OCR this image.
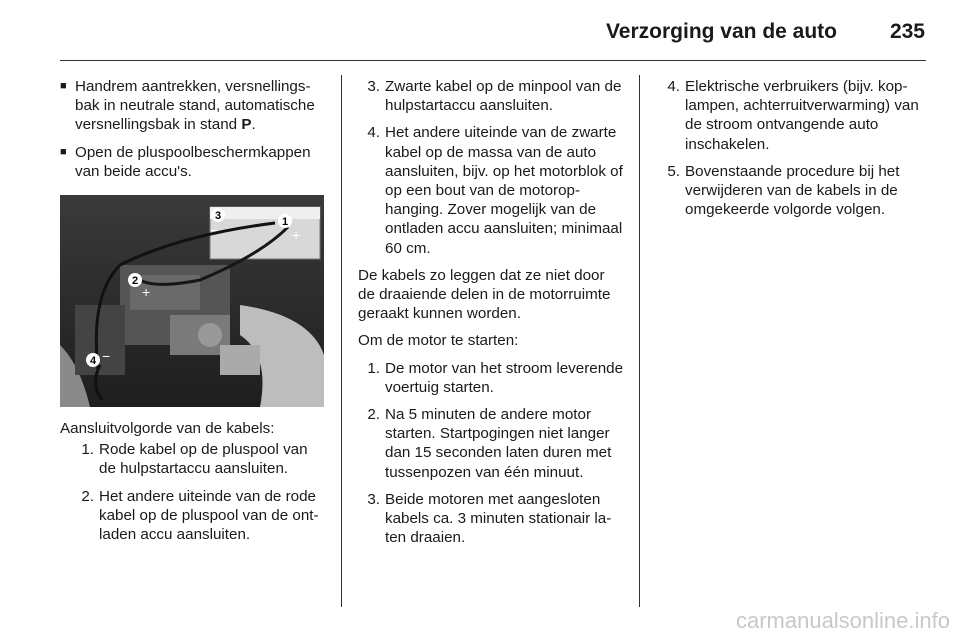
Verzorging van de auto	235
■ Handrem aantrekken, versnellingsbak in neutrale stand, automatische versnellingsbak in stand P.
■ Open de pluspoolbeschermkappen van beide accu's.
1
2
3
4
+
−
+
−
Aansluitvolgorde van de kabels:
1. Rode kabel op de pluspool van de hulpstartaccu aansluiten.
2. Het andere uiteinde van de rode kabel op de pluspool van de ontladen accu aansluiten.
3. Zwarte kabel op de minpool van de hulpstartaccu aansluiten.
4. Het andere uiteinde van de zwarte kabel op de massa van de auto aansluiten, bijv. op het motorblok of op een bout van de motorophanging. Zover mogelijk van de ontladen accu aansluiten; minimaal 60 cm.

De kabels zo leggen dat ze niet door de draaiende delen in de motorruimte geraakt kunnen worden.

Om de motor te starten:

1. De motor van het stroom leverende voertuig starten.
2. Na 5 minuten de andere motor starten. Startpogingen niet langer dan 15 seconden laten duren met tussenpozen van één minuut.
3. Beide motoren met aangesloten kabels ca. 3 minuten stationair laten draaien.
4. Elektrische verbruikers (bijv. koplampen, achterruitverwarming) van de stroom ontvangende auto inschakelen.
5. Bovenstaande procedure bij het verwijderen van de kabels in de omgekeerde volgorde volgen.
carmanualsonline.info
